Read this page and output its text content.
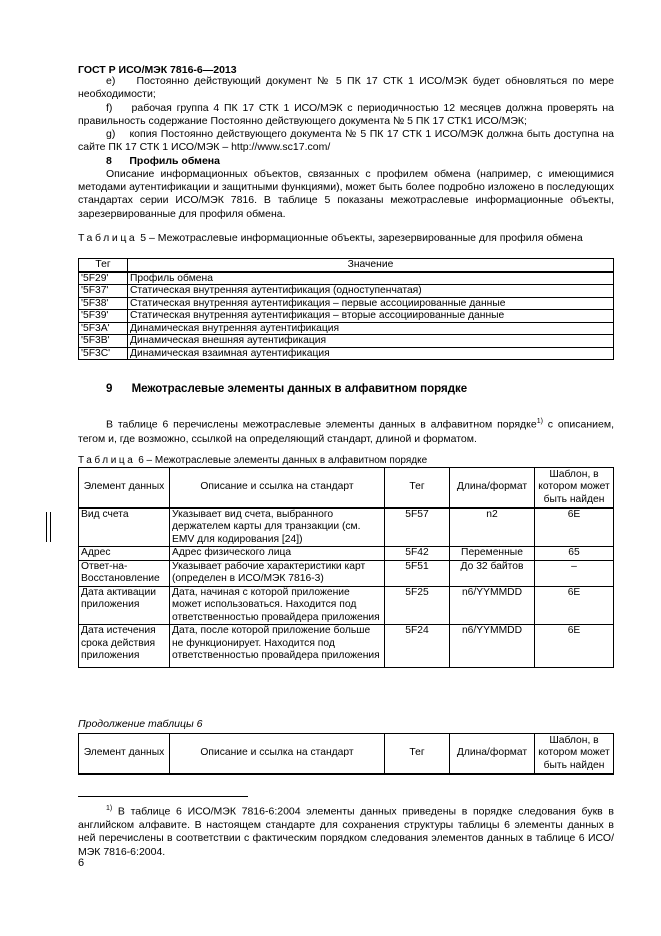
ГОСТ Р ИСО/МЭК 7816-6—2013
e) Постоянно действующий документ № 5 ПК 17 СТК 1 ИСО/МЭК будет обновляться по мере необходимости;
f) рабочая группа 4 ПК 17 СТК 1 ИСО/МЭК с периодичностью 12 месяцев должна проверять на правильность содержание Постоянно действующего документа № 5 ПК 17 СТК1 ИСО/МЭК;
g) копия Постоянно действующего документа № 5 ПК 17 СТК 1 ИСО/МЭК должна быть доступна на сайте ПК 17 СТК 1 ИСО/МЭК – http://www.sc17.com/
8 Профиль обмена
Описание информационных объектов, связанных с профилем обмена (например, с имеющимися методами аутентификации и защитными функциями), может быть более подробно изложено в последующих стандартах серии ИСО/МЭК 7816. В таблице 5 показаны межотраслевые информационные объекты, зарезервированные для профиля обмена.
Таблица 5 – Межотраслевые информационные объекты, зарезервированные для профиля обмена
Тег	Значение
'5F29'	Профиль обмена
'5F37'	Статическая внутренняя аутентификация (одноступенчатая)
'5F38'	Статическая внутренняя аутентификация – первые ассоциированные данные
'5F39'	Статическая внутренняя аутентификация – вторые ассоциированные данные
'5F3A'	Динамическая внутренняя аутентификация
'5F3B'	Динамическая внешняя аутентификация
'5F3C'	Динамическая взаимная аутентификация
9 Межотраслевые элементы данных в алфавитном порядке
В таблице 6 перечислены межотраслевые элементы данных в алфавитном порядке$^{1)}$ с описанием, тегом и, где возможно, ссылкой на определяющий стандарт, длиной и форматом.
Таблица 6 – Межотраслевые элементы данных в алфавитном порядке
Элемент данных	Описание и ссылка на стандарт	Тег	Длина/формат	Шаблон, в котором может быть найден
Вид счета	Указывает вид счета, выбранного держателем карты для транзакции (см. EMV для кодирования [24])	5F57	n2	6E
Адрес	Адрес физического лица	5F42	Переменные	65
Ответ-на-Восстановление	Указывает рабочие характеристики карт (определен в ИСО/МЭК 7816-3)	5F51	До 32 байтов	–
Дата активации приложения	Дата, начиная с которой приложение может использоваться. Находится под ответственностью провайдера приложения	5F25	n6/YYMMDD	6E
Дата истечения срока действия приложения	Дата, после которой приложение больше не функционирует. Находится под ответственностью провайдера приложения	5F24	n6/YYMMDD	6E
Продолжение таблицы 6
Элемент данных	Описание и ссылка на стандарт	Тег	Длина/формат	Шаблон, в котором может быть найден
$^{1)}$ В таблице 6 ИСО/МЭК 7816-6:2004 элементы данных приведены в порядке следования букв в английском алфавите. В настоящем стандарте для сохранения структуры таблицы 6 элементы данных в ней перечислены в соответствии с фактическим порядком следования элементов данных в таблице 6 ИСО/МЭК 7816-6:2004.
6
